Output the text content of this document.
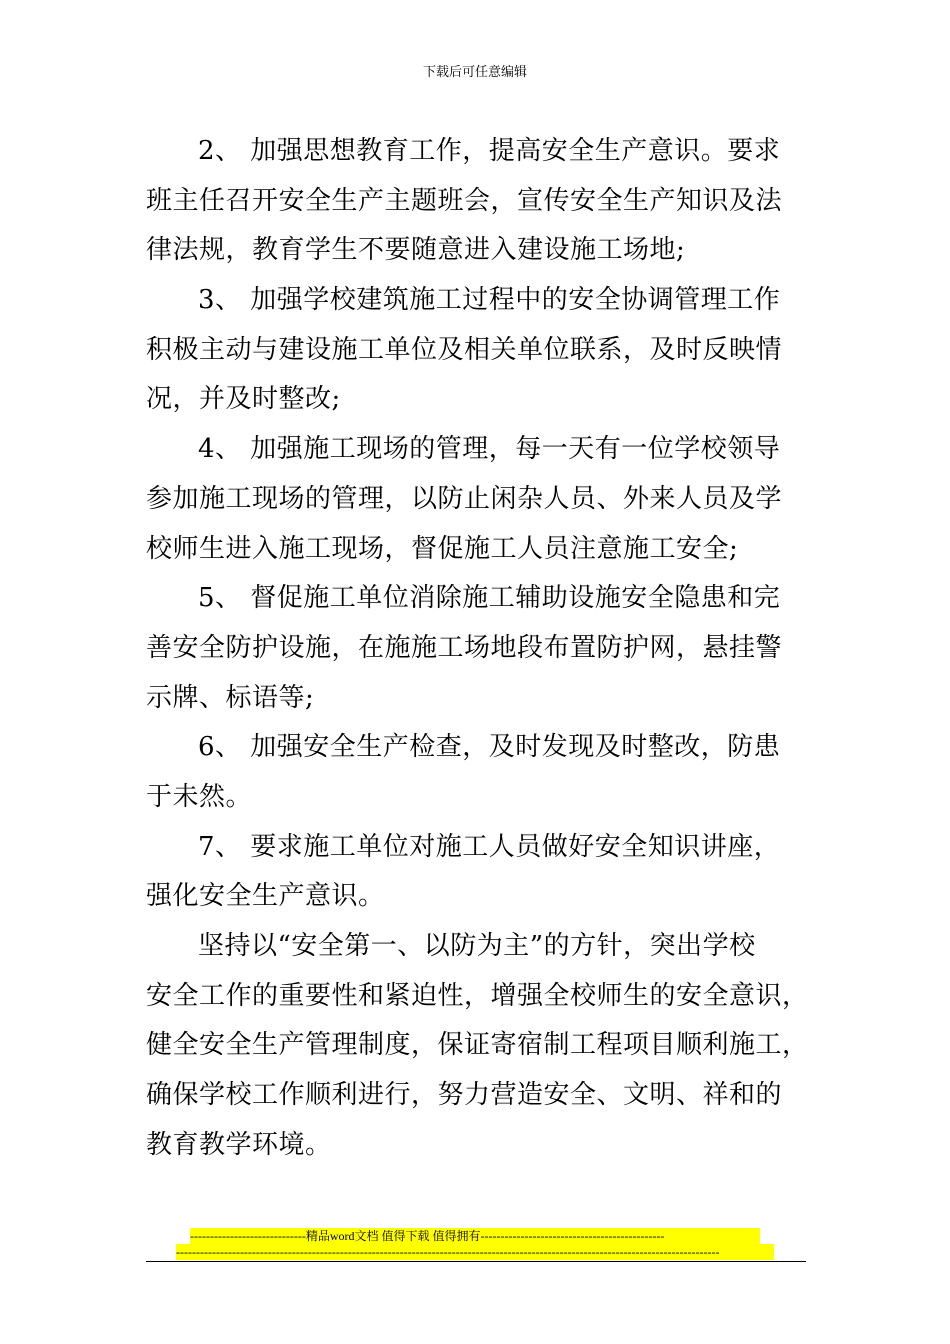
下载后可任意编辑
2、 加强思想教育工作，提高安全生产意识。要求
班主任召开安全生产主题班会，宣传安全生产知识及法
律法规，教育学生不要随意进入建设施工场地;
3、 加强学校建筑施工过程中的安全协调管理工作
积极主动与建设施工单位及相关单位联系，及时反映情
况，并及时整改;
4、 加强施工现场的管理，每一天有一位学校领导
参加施工现场的管理，以防止闲杂人员、外来人员及学
校师生进入施工现场，督促施工人员注意施工安全;
5、 督促施工单位消除施工辅助设施安全隐患和完
善安全防护设施，在施施工场地段布置防护网，悬挂警
示牌、标语等;
6、 加强安全生产检查，及时发现及时整改，防患
于未然。
7、 要求施工单位对施工人员做好安全知识讲座，
强化安全生产意识。
坚持以“安全第一、以防为主”的方针，突出学校
安全工作的重要性和紧迫性，增强全校师生的安全意识，
健全安全生产管理制度，保证寄宿制工程项目顺利施工，
确保学校工作顺利进行，努力营造安全、文明、祥和的
教育教学环境。
-----------------------------精品word文档 值得下载 值得拥有----------------------------------------------
----------------------------------------------------------------------------------------------------------------------------------------
